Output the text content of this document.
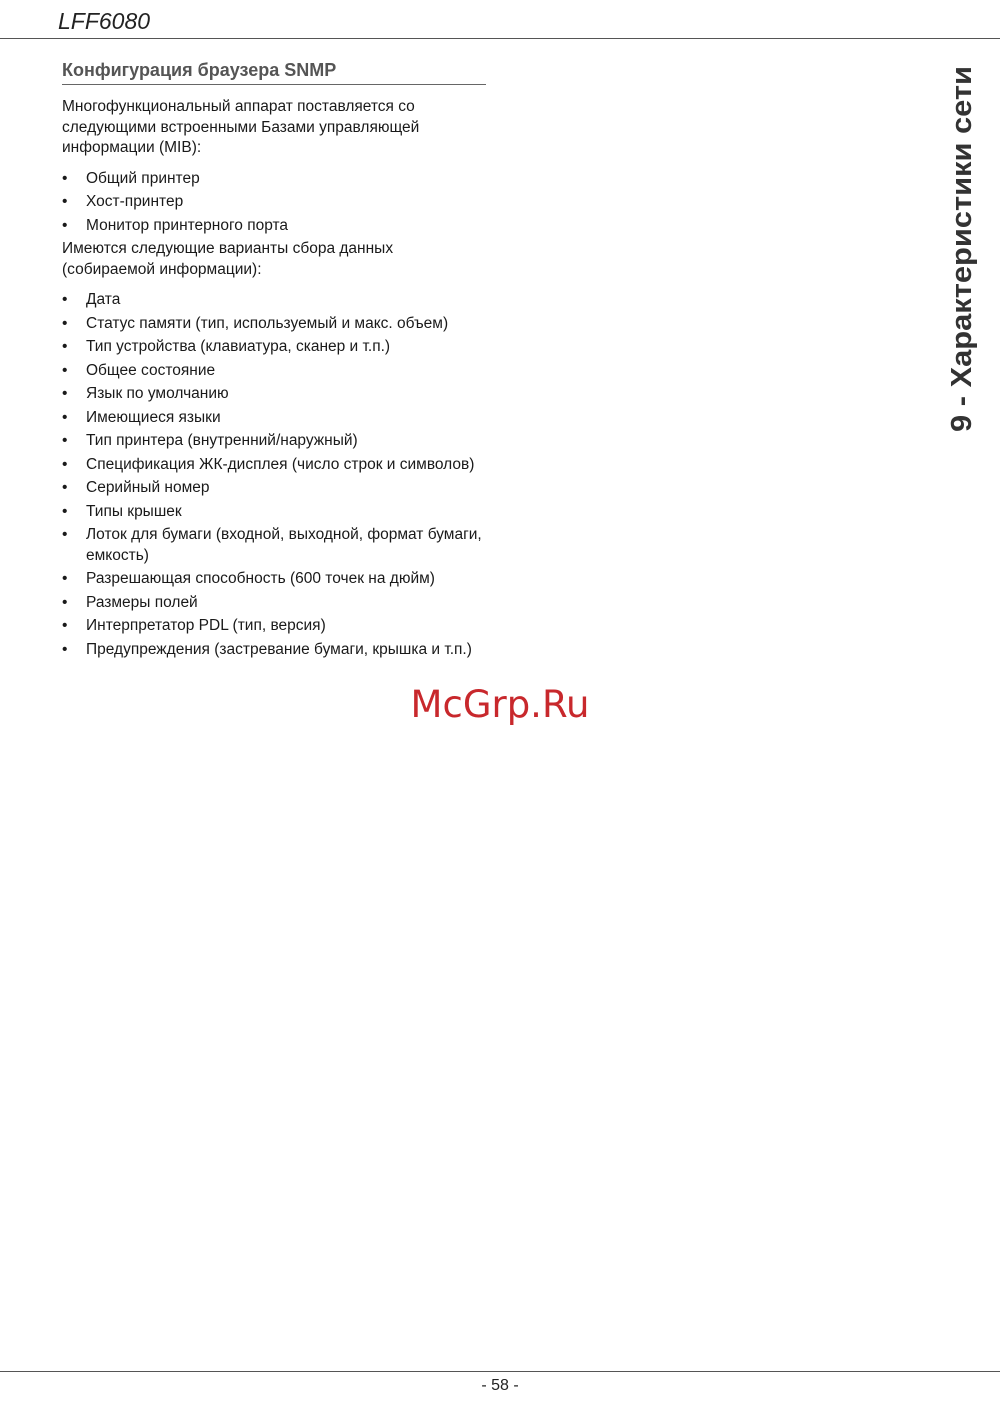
LFF6080
9 - Характеристики сети
Конфигурация браузера SNMP

Многофункциональный аппарат поставляется со следующими встроенными Базами управляющей информации (MIB):

• Общий принтер
• Хост-принтер
• Монитор принтерного порта

Имеются следующие варианты сбора данных (собираемой информации):

• Дата
• Статус памяти (тип, используемый и макс. объем)
• Тип устройства (клавиатура, сканер и т.п.)
• Общее состояние
• Язык по умолчанию
• Имеющиеся языки
• Тип принтера (внутренний/наружный)
• Спецификация ЖК-дисплея (число строк и символов)
• Серийный номер
• Типы крышек
• Лоток для бумаги (входной, выходной, формат бумаги, емкость)
• Разрешающая способность (600 точек на дюйм)
• Размеры полей
• Интерпретатор PDL (тип, версия)
• Предупреждения (застревание бумаги, крышка и т.п.)
McGrp.Ru
- 58 -
